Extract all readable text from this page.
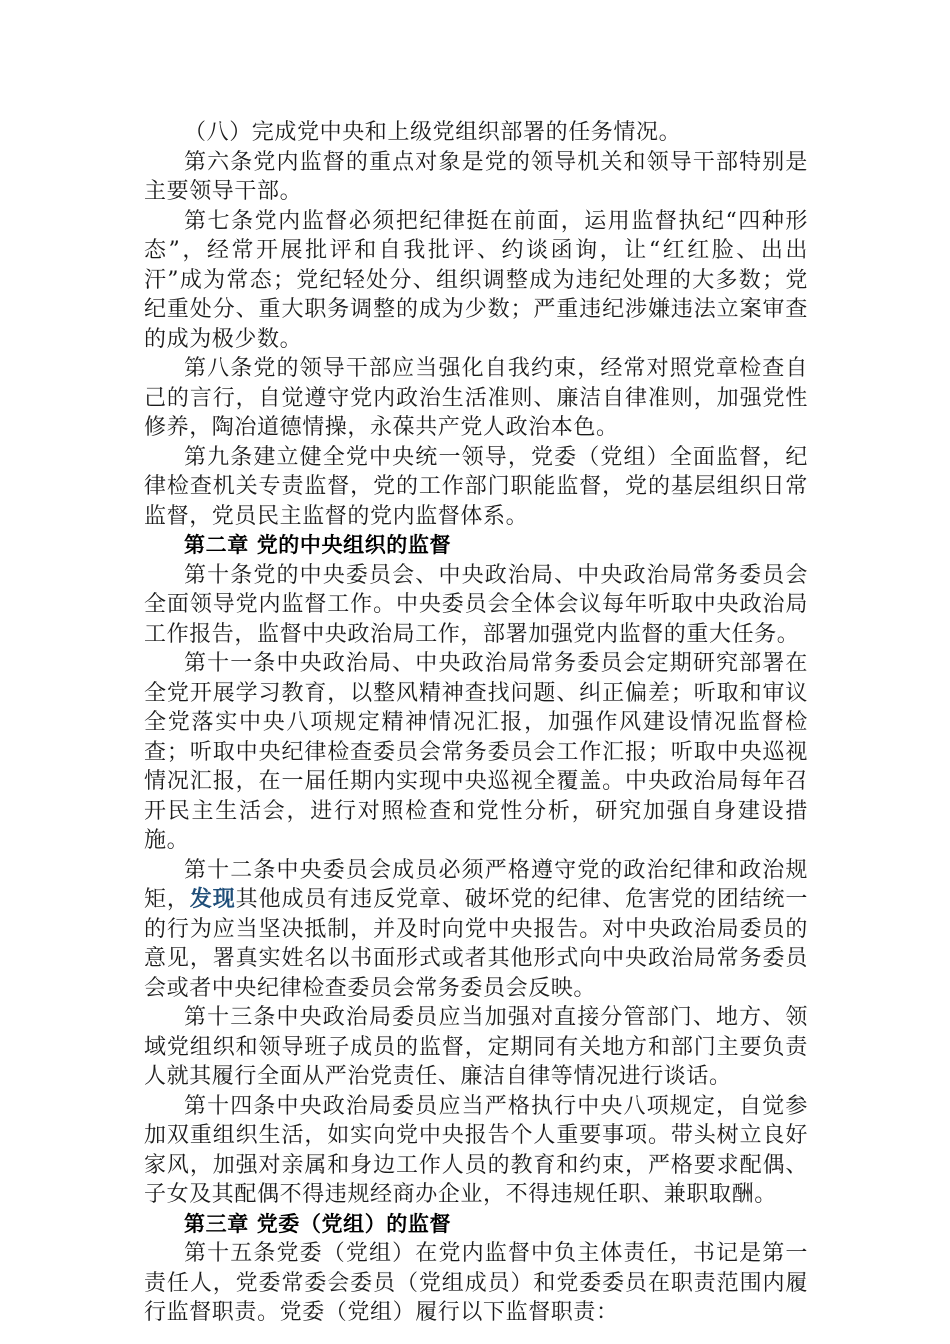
（八）完成党中央和上级党组织部署的任务情况。

第六条党内监督的重点对象是党的领导机关和领导干部特别是主要领导干部。

第七条党内监督必须把纪律挺在前面，运用监督执纪“四种形态”，经常开展批评和自我批评、约谈函询，让“红红脸、出出汗”成为常态；党纪轻处分、组织调整成为违纪处理的大多数；党纪重处分、重大职务调整的成为少数；严重违纪涉嫌违法立案审查的成为极少数。

第八条党的领导干部应当强化自我约束，经常对照党章检查自己的言行，自觉遵守党内政治生活准则、廉洁自律准则，加强党性修养，陶冶道德情操，永葆共产党人政治本色。

第九条建立健全党中央统一领导，党委（党组）全面监督，纪律检查机关专责监督，党的工作部门职能监督，党的基层组织日常监督，党员民主监督的党内监督体系。

第二章 党的中央组织的监督

第十条党的中央委员会、中央政治局、中央政治局常务委员会全面领导党内监督工作。中央委员会全体会议每年听取中央政治局工作报告，监督中央政治局工作，部署加强党内监督的重大任务。

第十一条中央政治局、中央政治局常务委员会定期研究部署在全党开展学习教育，以整风精神查找问题、纠正偏差；听取和审议全党落实中央八项规定精神情况汇报，加强作风建设情况监督检查；听取中央纪律检查委员会常务委员会工作汇报；听取中央巡视情况汇报，在一届任期内实现中央巡视全覆盖。中央政治局每年召开民主生活会，进行对照检查和党性分析，研究加强自身建设措施。

第十二条中央委员会成员必须严格遵守党的政治纪律和政治规矩，发现其他成员有违反党章、破坏党的纪律、危害党的团结统一的行为应当坚决抵制，并及时向党中央报告。对中央政治局委员的意见，署真实姓名以书面形式或者其他形式向中央政治局常务委员会或者中央纪律检查委员会常务委员会反映。

第十三条中央政治局委员应当加强对直接分管部门、地方、领域党组织和领导班子成员的监督，定期同有关地方和部门主要负责人就其履行全面从严治党责任、廉洁自律等情况进行谈话。

第十四条中央政治局委员应当严格执行中央八项规定，自觉参加双重组织生活，如实向党中央报告个人重要事项。带头树立良好家风，加强对亲属和身边工作人员的教育和约束，严格要求配偶、子女及其配偶不得违规经商办企业，不得违规任职、兼职取酬。

第三章 党委（党组）的监督

第十五条党委（党组）在党内监督中负主体责任，书记是第一责任人，党委常委会委员（党组成员）和党委委员在职责范围内履行监督职责。党委（党组）履行以下监督职责：
